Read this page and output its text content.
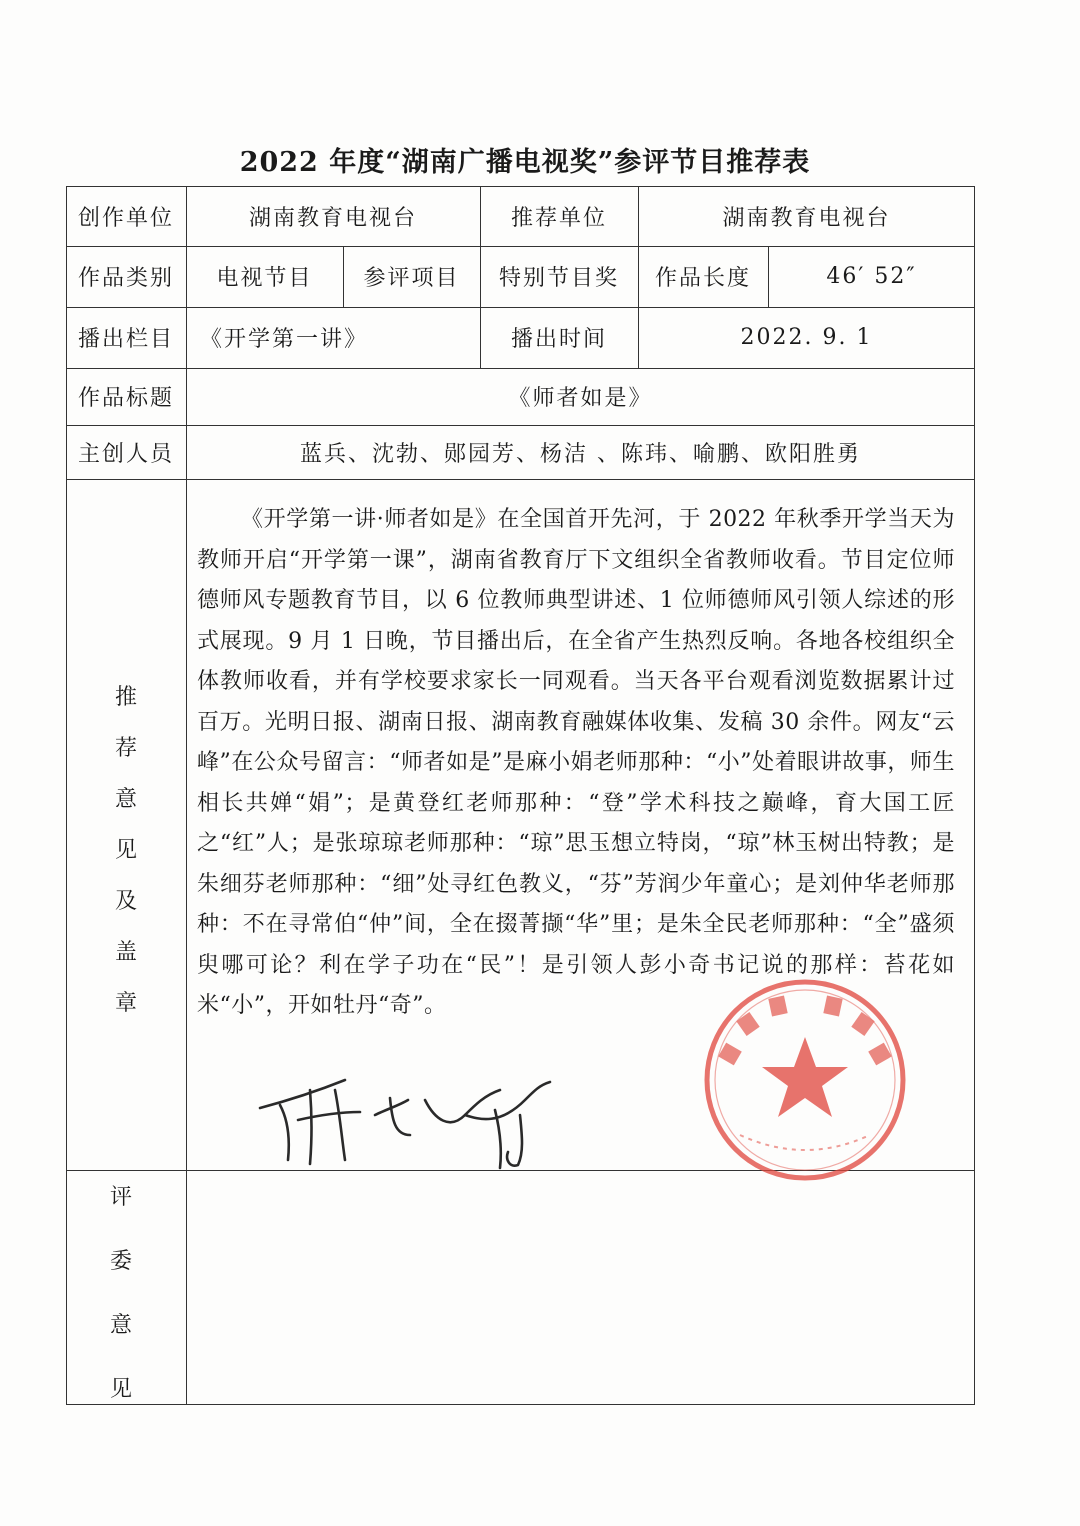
2022 年度“湖南广播电视奖”参评节目推荐表
创作单位	湖南教育电视台	推荐单位	湖南教育电视台
作品类别	电视节目	参评项目	特别节目奖	作品长度	46′ 52″
播出栏目	《开学第一讲》	播出时间	2022. 9. 1
作品标题	《师者如是》
主创人员	蓝兵、沈勃、郧园芳、杨洁 、陈玮、喻鹏、欧阳胜勇
推
荐
意
见
及
盖
章
《开学第一讲·师者如是》在全国首开先河，于 2022 年秋季开学当天为教师开启“开学第一课”，湖南省教育厅下文组织全省教师收看。节目定位师德师风专题教育节目，以 6 位教师典型讲述、1 位师德师风引领人综述的形式展现。9 月 1 日晚，节目播出后，在全省产生热烈反响。各地各校组织全体教师收看，并有学校要求家长一同观看。当天各平台观看浏览数据累计过百万。光明日报、湖南日报、湖南教育融媒体收集、发稿 30 余件。网友“云峰”在公众号留言：“师者如是”是麻小娟老师那种：“小”处着眼讲故事，师生相长共婵“娟”；是黄登红老师那种：“登”学术科技之巅峰，育大国工匠之“红”人；是张琼琼老师那种：“琼”思玉想立特岗，“琼”林玉树出特教；是朱细芬老师那种：“细”处寻红色教义，“芬”芳润少年童心；是刘仲华老师那种：不在寻常伯“仲”间，全在掇菁撷“华”里；是朱全民老师那种：“全”盛须臾哪可论？利在学子功在“民”！是引领人彭小奇书记说的那样：苔花如米“小”，开如牡丹“奇”。
评
委
意
见
